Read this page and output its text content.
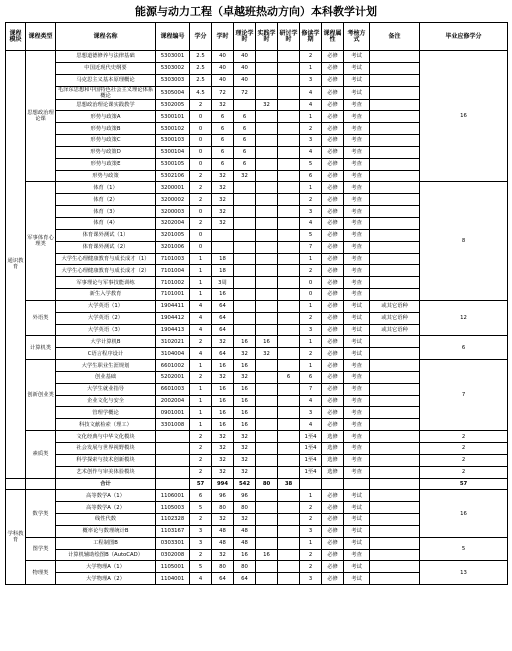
能源与动力工程（卓越班热动方向）本科教学计划
课程模块	课程类型	课程名称	课程编号	学分	学时	理论学时	实践学时	研讨学时	修读学期	课程属性	考核方式	备注	毕业应修学分
通识教育	思想政治理论课	思想道德修养与法律基础	5303001	2.5	40	40			2	必修	考试		16
		中国近现代史纲要	5303002	2.5	40	40			1	必修	考试		
		马克思主义基本原理概论	5303003	2.5	40	40			3	必修	考试		
		毛泽东思想和中国特色社会主义理论体系概论	5305004	4.5	72	72			4	必修	考试		
		思想政治理论课实践教学	5302005	2	32		32		4	必修	考查		
		形势与政策A	5300101	0	6	6			1	必修	考查		
		形势与政策B	5300102	0	6	6			2	必修	考查		
		形势与政策C	5300103	0	6	6			3	必修	考查		
		形势与政策D	5300104	0	6	6			4	必修	考查		
		形势与政策E	5300105	0	6	6			5	必修	考查		
		形势与政策	5302106	2	32	32			6	必修	考查		
	军事体育心理类	体育（1）	3200001	2	32				1	必修	考查		8
		体育（2）	3200002	2	32				2	必修	考查		
		体育（3）	3200003	0	32				3	必修	考查		
		体育（4）	3202004	2	32				4	必修	考查		
		体育课外测试（1）	3201005	0					5	必修	考查		
		体育课外测试（2）	3201006	0					7	必修	考查		
		大学生心理健康教育与成长成才（1）	7101003	1	18				1	必修	考查		
		大学生心理健康教育与成长成才（2）	7101004	1	18				2	必修	考查		
		军事理论与军事技能训练	7101002	1	3周				0	必修	考查		
		新生入学教育	7101001	1	16				0	必修	考查		
	外语类	大学英语（1）	1904411	4	64				1	必修	考试	或其它语种	12
		大学英语（2）	1904412	4	64				2	必修	考试	或其它语种	
		大学英语（3）	1904413	4	64				3	必修	考试	或其它语种	
	计算机类	大学计算机B	3102021	2	32	16	16		1	必修	考试		6
		C语言程序设计	3104004	4	64	32	32		2	必修	考试		
	创新创业类	大学生职业生涯规划	6601002	1	16	16			1	必修	考查		7
		创业基础	5202001	2	32	32		6	6	必修	考查		
		大学生就业指导	6601003	1	16	16			7	必修	考查		
		企业文化与安全	2002004	1	16	16			4	必修	考查		
		管理学概论	0901001	1	16	16			3	必修	考查		
		科技文献检索（理工）	3301008	1	16	16			4	必修	考查		
	素质类	文化经典与中华文化模块		2	32	32			1至4	选修	考查		2
		社会发展与世界视野模块		2	32	32			1至4	选修	考查		2
		科学探索与技术创新模块		2	32	32			1至4	选修	考查		2
		艺术创作与审美体验模块		2	32	32			1至4	选修	考查		2
		合计		57	994	542	80	38					57
学科教育	数学类	高等数学A（1）	1106001	6	96	96			1	必修	考试		16
		高等数学A（2）	1105003	5	80	80			2	必修	考试		
		线性代数	1102328	2	32	32			2	必修	考试		
		概率论与数理统计B	1103167	3	48	48			3	必修	考试		
	图学类	工程制图B	0303301	3	48	48			1	必修	考试		5
		计算机辅助绘图B（AutoCAD）	0302008	2	32	16	16		2	必修	考查		
	物理类	大学物理A（1）	1105001	5	80	80			2	必修	考试		13
		大学物理A（2）	1104001	4	64	64			3	必修	考试		
